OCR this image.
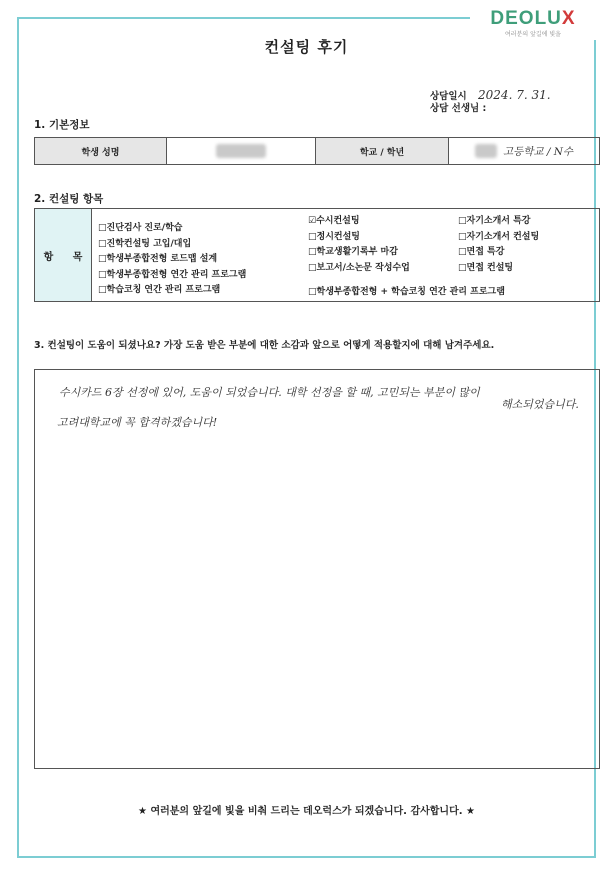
DEOLUX
여러분의 앞길에 빛을
컨설팅 후기
상담일시 2024. 7. 31.
상담 선생님 :
1. 기본정보
학생 성명	학교 / 학년	고등학교 / N수
2. 컨설팅 항목
항 목
□진단검사 진로/학습
□진학컨설팅 고입/대입
□학생부종합전형 로드맵 설계
□학생부종합전형 연간 관리 프로그램
□학습코칭 연간 관리 프로그램
☑수시컨설팅
□정시컨설팅
□학교생활기록부 마감
□보고서/소논문 작성수업
□자기소개서 특강
□자기소개서 컨설팅
□면접 특강
□면접 컨설팅
□학생부종합전형 + 학습코칭 연간 관리 프로그램
3. 컨설팅이 도움이 되셨나요? 가장 도움 받은 부분에 대한 소감과 앞으로 어떻게 적용할지에 대해 남겨주세요.
수시카드 6장 선정에 있어, 도움이 되었습니다. 대학 선정을 할 때, 고민되는 부분이 많이
해소되었습니다.
고려대학교에 꼭 합격하겠습니다!
★ 여러분의 앞길에 빛을 비춰 드리는 데오럭스가 되겠습니다. 감사합니다. ★
